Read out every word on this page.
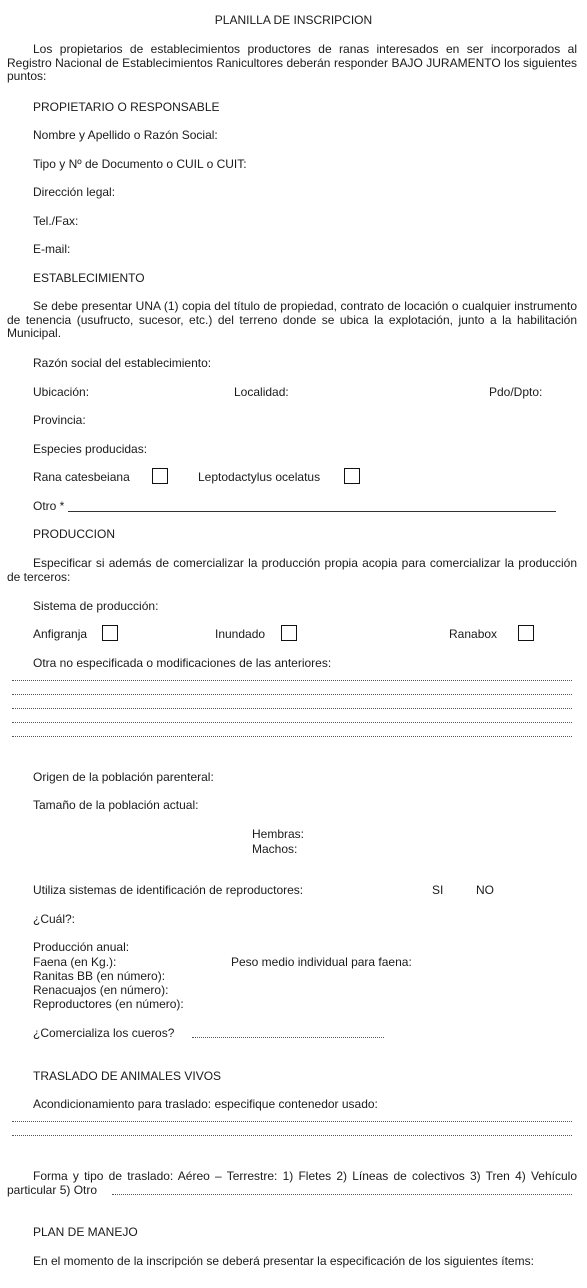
PLANILLA DE INSCRIPCION
Los propietarios de establecimientos productores de ranas interesados en ser incorporados al Registro Nacional de Establecimientos Ranicultores deberán responder BAJO JURAMENTO los siguientes puntos:
PROPIETARIO O RESPONSABLE
Nombre y Apellido o Razón Social:
Tipo y Nº de Documento o CUIL o CUIT:
Dirección legal:
Tel./Fax:
E-mail:
ESTABLECIMIENTO
Se debe presentar UNA (1) copia del título de propiedad, contrato de locación o cualquier instrumento de tenencia (usufructo, sucesor, etc.) del terreno donde se ubica la explotación, junto a la habilitación Municipal.
Razón social del establecimiento:
Ubicación:	Localidad:	Pdo/Dpto:
Provincia:
Especies producidas:
Rana catesbeiana	Leptodactylus ocelatus
Otro *
PRODUCCION
Especificar si además de comercializar la producción propia acopia para comercializar la producción de terceros:
Sistema de producción:
Anfigranja	Inundado	Ranabox
Otra no especificada o modificaciones de las anteriores:
Origen de la población parenteral:
Tamaño de la población actual:
Hembras:
Machos:
Utiliza sistemas de identificación de reproductores:	SI	NO
¿Cuál?:
Producción anual:
Faena (en Kg.):	Peso medio individual para faena:
Ranitas BB (en número):
Renacuajos (en número):
Reproductores (en número):
¿Comercializa los cueros?
TRASLADO DE ANIMALES VIVOS
Acondicionamiento para traslado: especifique contenedor usado:
Forma y tipo de traslado: Aéreo – Terrestre: 1) Fletes 2) Líneas de colectivos 3) Tren 4) Vehículo particular 5) Otro
PLAN DE MANEJO
En el momento de la inscripción se deberá presentar la especificación de los siguientes ítems:
